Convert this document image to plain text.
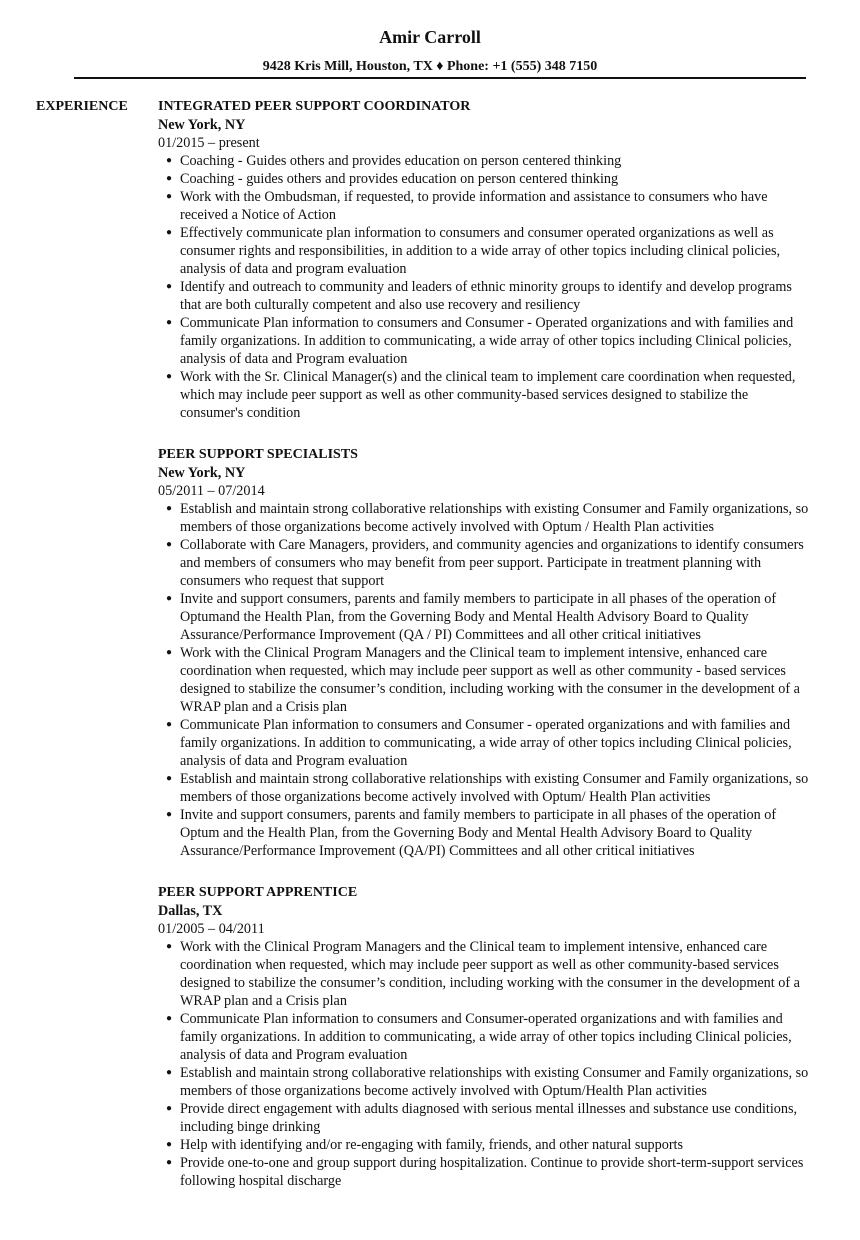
Amir Carroll
9428 Kris Mill, Houston, TX ♦ Phone: +1 (555) 348 7150
EXPERIENCE INTEGRATED PEER SUPPORT COORDINATOR
New York, NY
01/2015 – present
● Coaching - Guides others and provides education on person centered thinking
● Coaching - guides others and provides education on person centered thinking
● Work with the Ombudsman, if requested, to provide information and assistance to consumers who have received a Notice of Action
● Effectively communicate plan information to consumers and consumer operated organizations as well as consumer rights and responsibilities, in addition to a wide array of other topics including clinical policies, analysis of data and program evaluation
● Identify and outreach to community and leaders of ethnic minority groups to identify and develop programs that are both culturally competent and also use recovery and resiliency
● Communicate Plan information to consumers and Consumer - Operated organizations and with families and family organizations. In addition to communicating, a wide array of other topics including Clinical policies, analysis of data and Program evaluation
● Work with the Sr. Clinical Manager(s) and the clinical team to implement care coordination when requested, which may include peer support as well as other community-based services designed to stabilize the consumer's condition
PEER SUPPORT SPECIALISTS
New York, NY
05/2011 – 07/2014
● Establish and maintain strong collaborative relationships with existing Consumer and Family organizations, so members of those organizations become actively involved with Optum / Health Plan activities
● Collaborate with Care Managers, providers, and community agencies and organizations to identify consumers and members of consumers who may benefit from peer support. Participate in treatment planning with consumers who request that support
● Invite and support consumers, parents and family members to participate in all phases of the operation of Optumand the Health Plan, from the Governing Body and Mental Health Advisory Board to Quality Assurance/Performance Improvement (QA / PI) Committees and all other critical initiatives
● Work with the Clinical Program Managers and the Clinical team to implement intensive, enhanced care coordination when requested, which may include peer support as well as other community - based services designed to stabilize the consumer’s condition, including working with the consumer in the development of a WRAP plan and a Crisis plan
● Communicate Plan information to consumers and Consumer - operated organizations and with families and family organizations. In addition to communicating, a wide array of other topics including Clinical policies, analysis of data and Program evaluation
● Establish and maintain strong collaborative relationships with existing Consumer and Family organizations, so members of those organizations become actively involved with Optum/ Health Plan activities
● Invite and support consumers, parents and family members to participate in all phases of the operation of Optum and the Health Plan, from the Governing Body and Mental Health Advisory Board to Quality Assurance/Performance Improvement (QA/PI) Committees and all other critical initiatives
PEER SUPPORT APPRENTICE
Dallas, TX
01/2005 – 04/2011
● Work with the Clinical Program Managers and the Clinical team to implement intensive, enhanced care coordination when requested, which may include peer support as well as other community-based services designed to stabilize the consumer’s condition, including working with the consumer in the development of a WRAP plan and a Crisis plan
● Communicate Plan information to consumers and Consumer-operated organizations and with families and family organizations. In addition to communicating, a wide array of other topics including Clinical policies, analysis of data and Program evaluation
● Establish and maintain strong collaborative relationships with existing Consumer and Family organizations, so members of those organizations become actively involved with Optum/Health Plan activities
● Provide direct engagement with adults diagnosed with serious mental illnesses and substance use conditions, including binge drinking
● Help with identifying and/or re-engaging with family, friends, and other natural supports
● Provide one-to-one and group support during hospitalization. Continue to provide short-term-support services following hospital discharge
